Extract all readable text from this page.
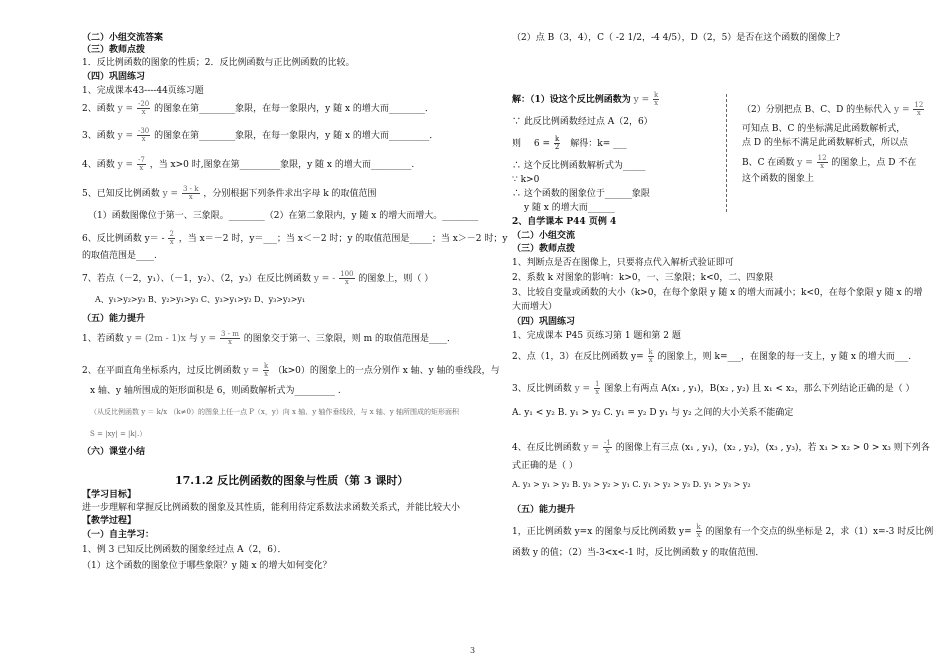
（二）小组交流答案
（三）教师点拨
1．反比例函数的图象的性质；2．反比例函数与正比例函数的比较。
（四）巩固练习
1、完成课本43----44页练习题
2、函数 $y = \frac{-20}{x}$ 的图象在第________象限，在每一象限内，y 随 x 的增大而________．
3、函数 $y = \frac{-30}{x}$ 的图象在第________象限，在每一象限内，y 随 x 的增大而_________．
4、函数 $y = \frac{-7}{x}$ ，当 x>0 时,图象在第_________象限，y 随 x 的增大而_________.
5、已知反比例函数 $y = \frac{3 - k}{x}$ ，分别根据下列条件求出字母 k 的取值范围
（1）函数图像位于第一、三象限。________（2）在第二象限内，y 随 x 的增大而增大。________
6、反比例函数 $y= - \frac{2}{x}$ ，当 x＝－2 时，y＝___；当 x＜－2 时；y 的取值范围是_____；当 x＞－2 时；y
的取值范围是____.
7、若点（－2，y₁）、（－1，y₂）、（2，y₃）在反比例函数 y = - $\frac{100}{x}$ 的图象上，则（ ）
A、y₁>y₂>y₃ B、y₂>y₁>y₃ C、y₃>y₁>y₂ D、y₃>y₂>y₁
（五）能力提升
1、若函数 y = (2m - 1)x 与 $y = \frac{3 - m}{x}$ 的图象交于第一、三象限，则 m 的取值范围是____．
2、在平面直角坐标系内，过反比例函数 $y = \frac{k}{x} (k>0)$的图象上的一点分别作 x 轴、y 轴的垂线段，与
x 轴、y 轴所围成的矩形面积是 6，则函数解析式为_________ .
（从反比例函数 y ＝ k/x （k≠0）的图象上任一点 P（x，y）向 x 轴、y 轴作垂线段，与 x 轴、y 轴所围成的矩形面积
S = |xy| = |k|.）
（六）课堂小结
17.1.2 反比例函数的图象与性质（第 3 课时）
【学习目标】
进一步理解和掌握反比例函数的图象及其性质，能利用待定系数法求函数关系式，并能比较大小
【教学过程】
（一）自主学习：
1、例 3 已知反比例函数的图象经过点 A（2，6）．
（1）这个函数的图象位于哪些象限？y 随 x 的增大如何变化？
（2）点 B（3，4），C（ -2 1/2，-4 4/5），D（2，5）是否在这个函数的图像上?
解：（1）设这个反比例函数为 $y = \frac{k}{x}$
∵ 此反比例函数经过点 A（2，6）
则 $6 = \frac{k}{2}$ 解得：k= ___
∴ 这个反比例函数解析式为_____
∵ k>0
∴ 这个函数的图象位于______象限
y 随 x 的增大而______
（2）分别把点 B、C、D 的坐标代入 $y = \frac{12}{x}$
可知点 B、C 的坐标满足此函数解析式，
点 D 的坐标不满足此函数解析式，所以点
B、C 在函数 $y = \frac{12}{x}$ 的图象上，点 D 不在
这个函数的图象上
2、自学课本 P44 页例 4
（二）小组交流
（三）教师点拨
1、判断点是否在图像上，只要将点代入解析式验证即可
2、系数 k 对图象的影响：k>0，一、三象限；k<0，二、四象限
3、比较自变量或函数的大小（k>0，在每个象限 y 随 x 的增大而减小；k<0，在每个象限 y 随 x 的增
大而增大）
（四）巩固练习
1、完成课本 P45 页练习第 1 题和第 2 题
2、点（1，3）在反比例函数 $y= \frac{k}{x}$ 的图象上，则 k=___，在图象的每一支上，y 随 x 的增大而___.
3、反比例函数 $y = \frac{1}{x}$ 图象上有两点 A(x₁ , y₁)，B(x₂ , y₂) 且 x₁ < x₂，那么下列结论正确的是（ ）
A. y₁ < y₂ B. y₁ > y₂ C. y₁ = y₂ D y₁ 与 y₂ 之间的大小关系不能确定
4、在反比例函数 $y = \frac{-1}{x}$ 的图像上有三点 (x₁ , y₁)，(x₂ , y₂)，(x₃ , y₃)，若 x₁ > x₂ > 0 > x₃ 则下列各
式正确的是（ ）
A. y₃ > y₁ > y₂ B. y₃ > y₂ > y₁ C. y₁ > y₂ > y₃ D. y₁ > y₃ > y₂
（五）能力提升
1，正比例函数 y=x 的图象与反比例函数 $y= \frac{k}{x}$ 的图象有一个交点的纵坐标是 2，求（1）x=-3 时反比例
函数 y 的值；（2）当-3<x<-1 时，反比例函数 y 的取值范围．
3
